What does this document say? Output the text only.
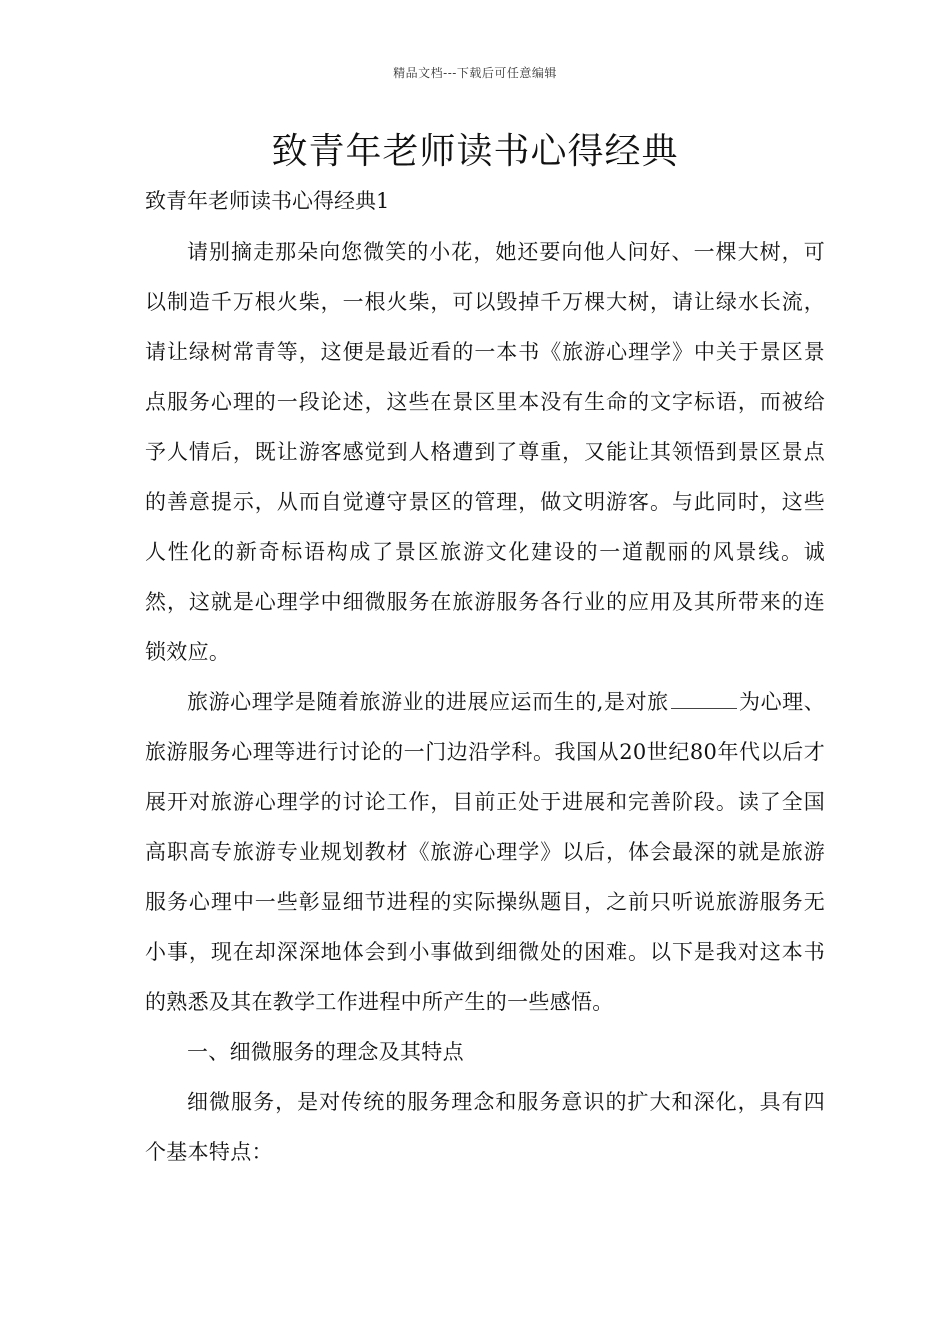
精品文档---下载后可任意编辑
致青年老师读书心得经典

致青年老师读书心得经典1

请别摘走那朵向您微笑的小花，她还要向他人问好、一棵大树，可以制造千万根火柴，一根火柴，可以毁掉千万棵大树，请让绿水长流，请让绿树常青等，这便是最近看的一本书《旅游心理学》中关于景区景点服务心理的一段论述，这些在景区里本没有生命的文字标语，而被给予人情后，既让游客感觉到人格遭到了尊重，又能让其领悟到景区景点的善意提示，从而自觉遵守景区的管理，做文明游客。与此同时，这些人性化的新奇标语构成了景区旅游文化建设的一道靓丽的风景线。诚然，这就是心理学中细微服务在旅游服务各行业的应用及其所带来的连锁效应。

旅游心理学是随着旅游业的进展应运而生的,是对旅	为心理、旅游服务心理等进行讨论的一门边沿学科。我国从20世纪80年代以后才展开对旅游心理学的讨论工作，目前正处于进展和完善阶段。读了全国高职高专旅游专业规划教材《旅游心理学》以后，体会最深的就是旅游服务心理中一些彰显细节进程的实际操纵题目，之前只听说旅游服务无小事，现在却深深地体会到小事做到细微处的困难。以下是我对这本书的熟悉及其在教学工作进程中所产生的一些感悟。

一、细微服务的理念及其特点

细微服务，是对传统的服务理念和服务意识的扩大和深化，具有四个基本特点：
